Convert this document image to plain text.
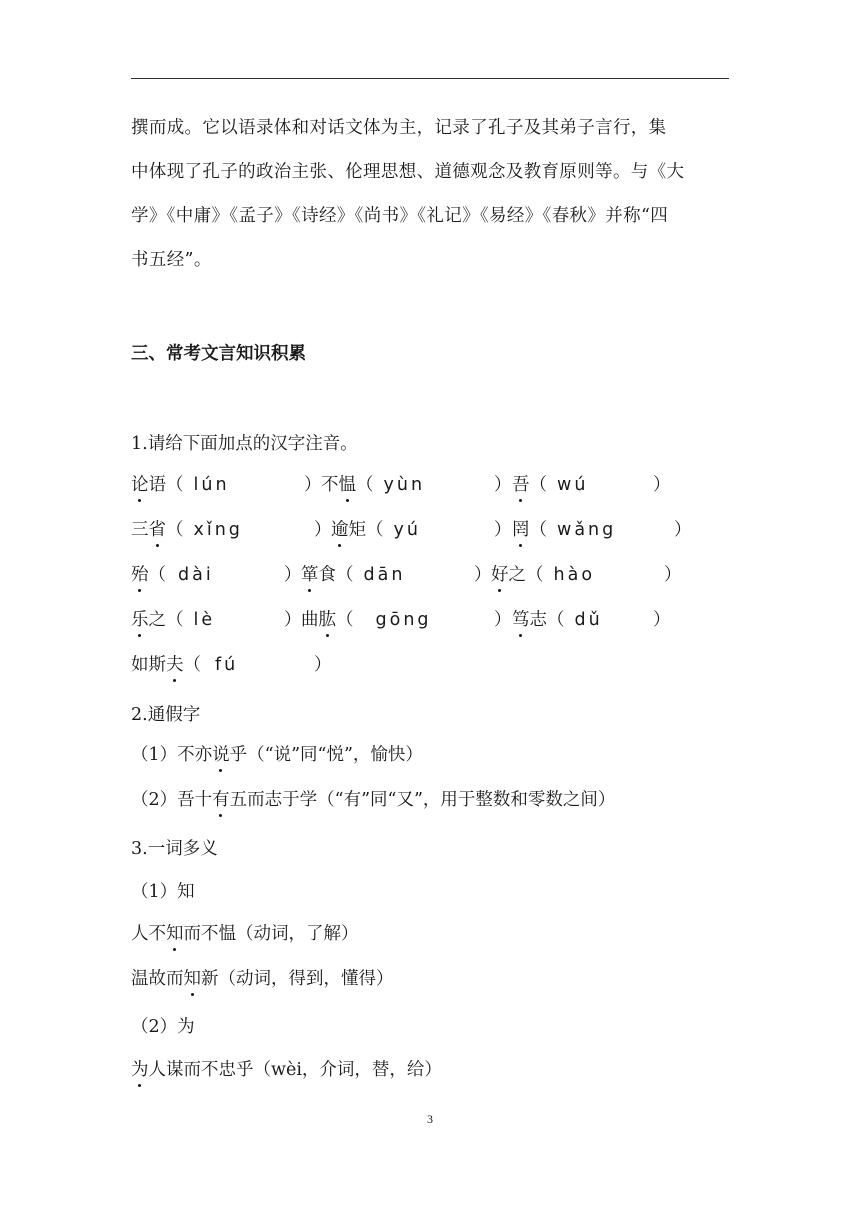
撰而成。它以语录体和对话文体为主，记录了孔子及其弟子言行，集
中体现了孔子的政治主张、伦理思想、道德观念及教育原则等。与《大
学》《中庸》《孟子》《诗经》《尚书》《礼记》《易经》《春秋》并称“四
书五经”。
三、常考文言知识积累
1.请给下面加点的汉字注音。
论语（ lún	） 不愠（ yùn	） 吾（ wú	）
三省（ xǐng	） 逾矩（ yú	） 罔（ wǎng	）
殆（ dài	） 箪食（ dān	） 好之（ hào	）
乐之（ lè	） 曲肱（ gōng	） 笃志（ dǔ	）
如斯夫（ fú	）
2.通假字
（1）不亦说乎（“说”同“悦”，愉快）
（2）吾十有五而志于学（“有”同“又”，用于整数和零数之间）
3.一词多义
（1）知
人不知而不愠（动词，了解）
温故而知新（动词，得到，懂得）
（2）为
为人谋而不忠乎（wèi，介词，替，给）
3
